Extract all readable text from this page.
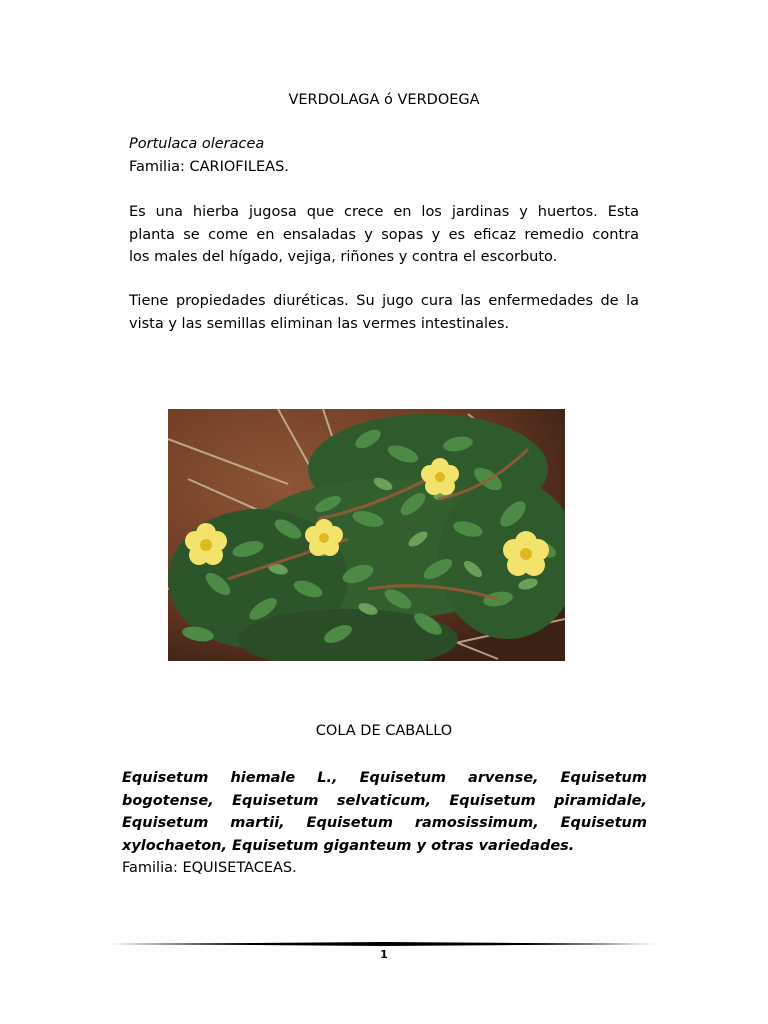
VERDOLAGA ó VERDOEGA
Portulaca oleracea
Familia: CARIOFILEAS.
Es una hierba jugosa que crece en los jardinas y huertos. Esta
planta se come en ensaladas y sopas y es eficaz remedio contra
los males del hígado, vejiga, riñones y contra el escorbuto.
Tiene propiedades diuréticas. Su jugo cura las enfermedades de la
vista y las semillas eliminan las vermes intestinales.
COLA DE CABALLO
Equisetum hiemale L., Equisetum arvense, Equisetum
bogotense, Equisetum selvaticum, Equisetum piramidale,
Equisetum martii, Equisetum ramosissimum, Equisetum
xylochaeton, Equisetum giganteum y otras variedades.
Familia: EQUISETACEAS.
1
